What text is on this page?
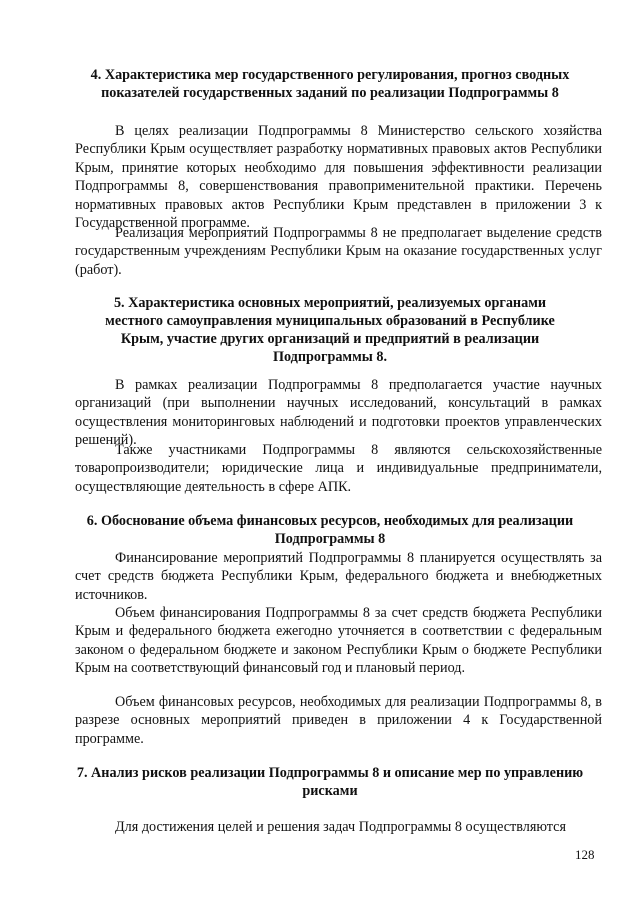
4. Характеристика мер государственного регулирования, прогноз сводных показателей государственных заданий по реализации Подпрограммы 8

В целях реализации Подпрограммы 8 Министерство сельского хозяйства Республики Крым осуществляет разработку нормативных правовых актов Республики Крым, принятие которых необходимо для повышения эффективности реализации Подпрограммы 8, совершенствования правоприменительной практики. Перечень нормативных правовых актов Республики Крым представлен в приложении 3 к Государственной программе.

Реализация мероприятий Подпрограммы 8 не предполагает выделение средств государственным учреждениям Республики Крым на оказание государственных услуг (работ).

5. Характеристика основных мероприятий, реализуемых органами местного самоуправления муниципальных образований в Республике Крым, участие других организаций и предприятий в реализации Подпрограммы 8.

В рамках реализации Подпрограммы 8 предполагается участие научных организаций (при выполнении научных исследований, консультаций в рамках осуществления мониторинговых наблюдений и подготовки проектов управленческих решений).

Также участниками Подпрограммы 8 являются сельскохозяйственные товаропроизводители; юридические лица и индивидуальные предприниматели, осуществляющие деятельность в сфере АПК.

6. Обоснование объема финансовых ресурсов, необходимых для реализации Подпрограммы 8

Финансирование мероприятий Подпрограммы 8 планируется осуществлять за счет средств бюджета Республики Крым, федерального бюджета и внебюджетных источников.

Объем финансирования Подпрограммы 8 за счет средств бюджета Республики Крым и федерального бюджета ежегодно уточняется в соответствии с федеральным законом о федеральном бюджете и законом Республики Крым о бюджете Республики Крым на соответствующий финансовый год и плановый период.

Объем финансовых ресурсов, необходимых для реализации Подпрограммы 8, в разрезе основных мероприятий приведен в приложении 4 к Государственной программе.

7. Анализ рисков реализации Подпрограммы 8 и описание мер по управлению рисками

Для достижения целей и решения задач Подпрограммы 8 осуществляются

128
